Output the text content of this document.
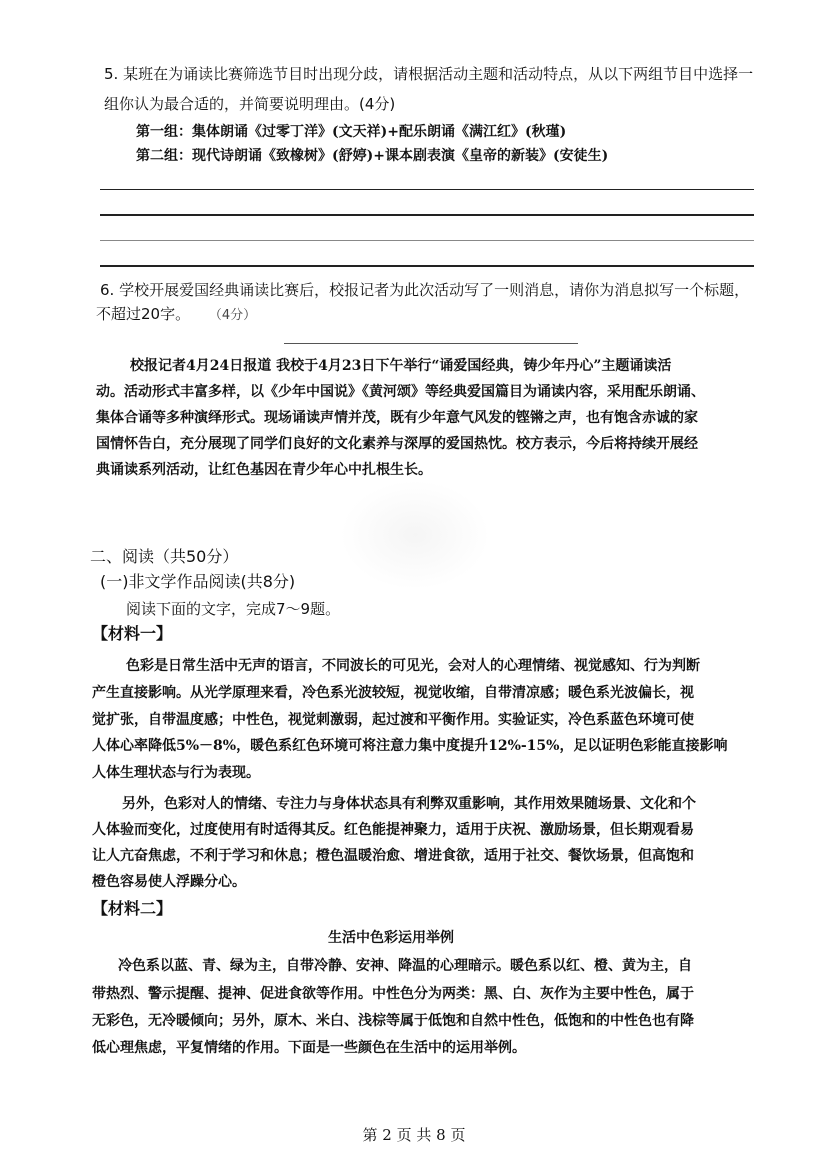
5. 某班在为诵读比赛筛选节目时出现分歧，请根据活动主题和活动特点，从以下两组节目中选择一
组你认为最合适的，并简要说明理由。(4分)
第一组：集体朗诵《过零丁洋》(文天祥)+配乐朗诵《满江红》(秋瑾)
第二组：现代诗朗诵《致橡树》(舒婷)+课本剧表演《皇帝的新装》(安徒生)
6. 学校开展爱国经典诵读比赛后，校报记者为此次活动写了一则消息，请你为消息拟写一个标题，
不超过20字。 （4分）
校报记者4月24日报道 我校于4月23日下午举行“诵爱国经典，铸少年丹心”主题诵读活
动。活动形式丰富多样，以《少年中国说》《黄河颂》等经典爱国篇目为诵读内容，采用配乐朗诵、
集体合诵等多种演绎形式。现场诵读声情并茂，既有少年意气风发的铿锵之声，也有饱含赤诚的家
国情怀告白，充分展现了同学们良好的文化素养与深厚的爱国热忱。校方表示，今后将持续开展经
典诵读系列活动，让红色基因在青少年心中扎根生长。
二、阅读（共50分）
(一)非文学作品阅读(共8分)
阅读下面的文字，完成7～9题。
【材料一】
色彩是日常生活中无声的语言，不同波长的可见光，会对人的心理情绪、视觉感知、行为判断
产生直接影响。从光学原理来看，冷色系光波较短，视觉收缩，自带清凉感；暖色系光波偏长，视
觉扩张，自带温度感；中性色，视觉刺激弱，起过渡和平衡作用。实验证实，冷色系蓝色环境可使
人体心率降低5%－8%，暖色系红色环境可将注意力集中度提升12%-15%，足以证明色彩能直接影响
人体生理状态与行为表现。
另外，色彩对人的情绪、专注力与身体状态具有利弊双重影响，其作用效果随场景、文化和个
人体验而变化，过度使用有时适得其反。红色能提神聚力，适用于庆祝、激励场景，但长期观看易
让人亢奋焦虑，不利于学习和休息；橙色温暖治愈、增进食欲，适用于社交、餐饮场景，但高饱和
橙色容易使人浮躁分心。
【材料二】
生活中色彩运用举例
冷色系以蓝、青、绿为主，自带冷静、安神、降温的心理暗示。暖色系以红、橙、黄为主，自
带热烈、警示提醒、提神、促进食欲等作用。中性色分为两类：黑、白、灰作为主要中性色，属于
无彩色，无冷暖倾向；另外，原木、米白、浅棕等属于低饱和自然中性色，低饱和的中性色也有降
低心理焦虑，平复情绪的作用。下面是一些颜色在生活中的运用举例。
第 2 页 共 8 页
